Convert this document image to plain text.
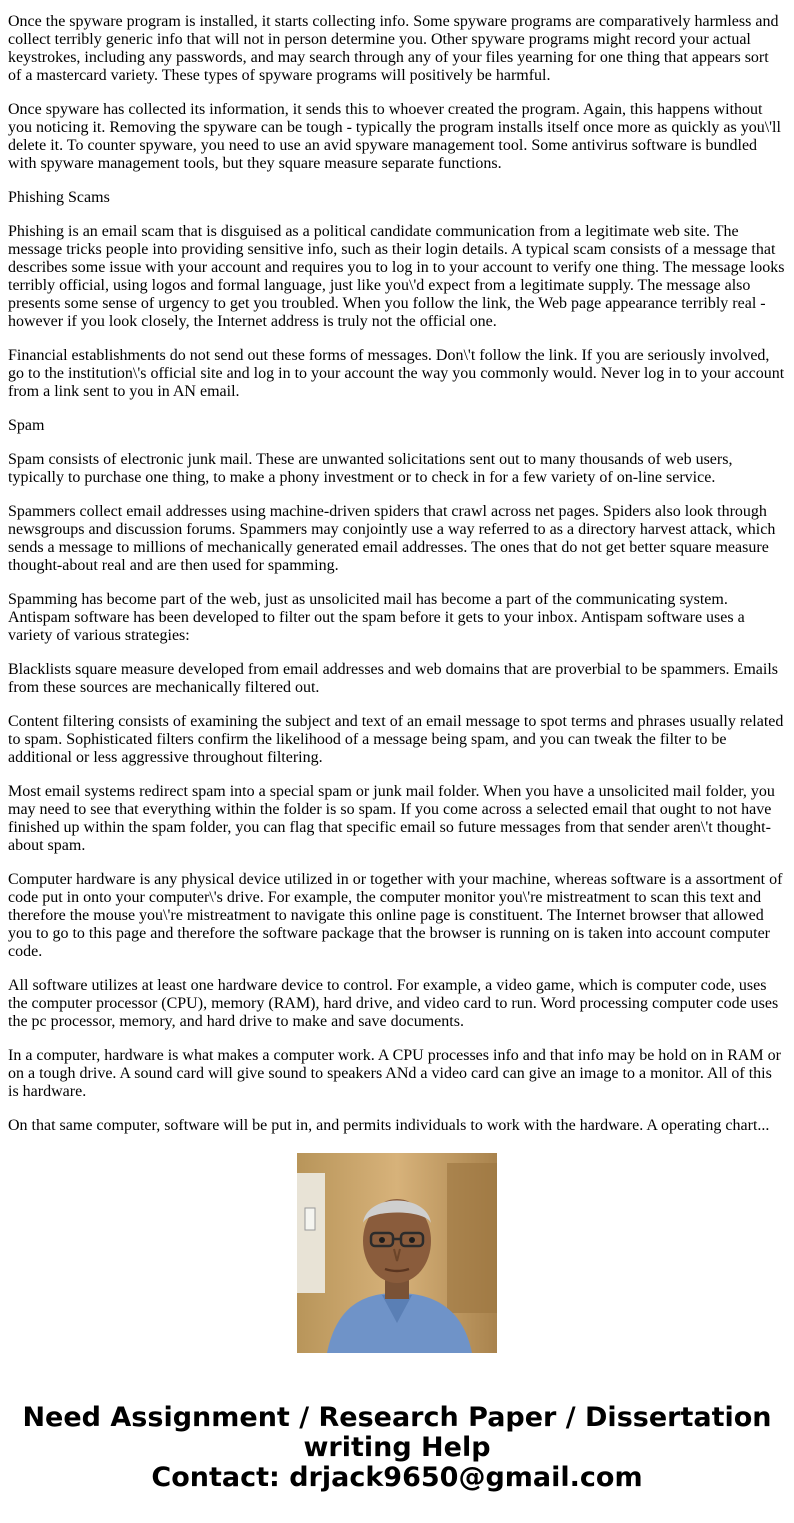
Once the spyware program is installed, it starts collecting info. Some spyware programs are comparatively harmless and collect terribly generic info that will not in person determine you. Other spyware programs might record your actual keystrokes, including any passwords, and may search through any of your files yearning for one thing that appears sort of a mastercard variety. These types of spyware programs will positively be harmful.

Once spyware has collected its information, it sends this to whoever created the program. Again, this happens without you noticing it. Removing the spyware can be tough - typically the program installs itself once more as quickly as you\'ll delete it. To counter spyware, you need to use an avid spyware management tool. Some antivirus software is bundled with spyware management tools, but they square measure separate functions.

Phishing Scams

Phishing is an email scam that is disguised as a political candidate communication from a legitimate web site. The message tricks people into providing sensitive info, such as their login details. A typical scam consists of a message that describes some issue with your account and requires you to log in to your account to verify one thing. The message looks terribly official, using logos and formal language, just like you\'d expect from a legitimate supply. The message also presents some sense of urgency to get you troubled. When you follow the link, the Web page appearance terribly real - however if you look closely, the Internet address is truly not the official one.

Financial establishments do not send out these forms of messages. Don\'t follow the link. If you are seriously involved, go to the institution\'s official site and log in to your account the way you commonly would. Never log in to your account from a link sent to you in AN email.

Spam

Spam consists of electronic junk mail. These are unwanted solicitations sent out to many thousands of web users, typically to purchase one thing, to make a phony investment or to check in for a few variety of on-line service.

Spammers collect email addresses using machine-driven spiders that crawl across net pages. Spiders also look through newsgroups and discussion forums. Spammers may conjointly use a way referred to as a directory harvest attack, which sends a message to millions of mechanically generated email addresses. The ones that do not get better square measure thought-about real and are then used for spamming.

Spamming has become part of the web, just as unsolicited mail has become a part of the communicating system. Antispam software has been developed to filter out the spam before it gets to your inbox. Antispam software uses a variety of various strategies:

Blacklists square measure developed from email addresses and web domains that are proverbial to be spammers. Emails from these sources are mechanically filtered out.

Content filtering consists of examining the subject and text of an email message to spot terms and phrases usually related to spam. Sophisticated filters confirm the likelihood of a message being spam, and you can tweak the filter to be additional or less aggressive throughout filtering.

Most email systems redirect spam into a special spam or junk mail folder. When you have a unsolicited mail folder, you may need to see that everything within the folder is so spam. If you come across a selected email that ought to not have finished up within the spam folder, you can flag that specific email so future messages from that sender aren\'t thought-about spam.

Computer hardware is any physical device utilized in or together with your machine, whereas software is a assortment of code put in onto your computer\'s drive. For example, the computer monitor you\'re mistreatment to scan this text and therefore the mouse you\'re mistreatment to navigate this online page is constituent. The Internet browser that allowed you to go to this page and therefore the software package that the browser is running on is taken into account computer code.

All software utilizes at least one hardware device to control. For example, a video game, which is computer code, uses the computer processor (CPU), memory (RAM), hard drive, and video card to run. Word processing computer code uses the pc processor, memory, and hard drive to make and save documents.

In a computer, hardware is what makes a computer work. A CPU processes info and that info may be hold on in RAM or on a tough drive. A sound card will give sound to speakers ANd a video card can give an image to a monitor. All of this is hardware.

On that same computer, software will be put in, and permits individuals to work with the hardware. A operating chart...

Need Assignment / Research Paper / Dissertation
writing Help
Contact: drjack9650@gmail.com
